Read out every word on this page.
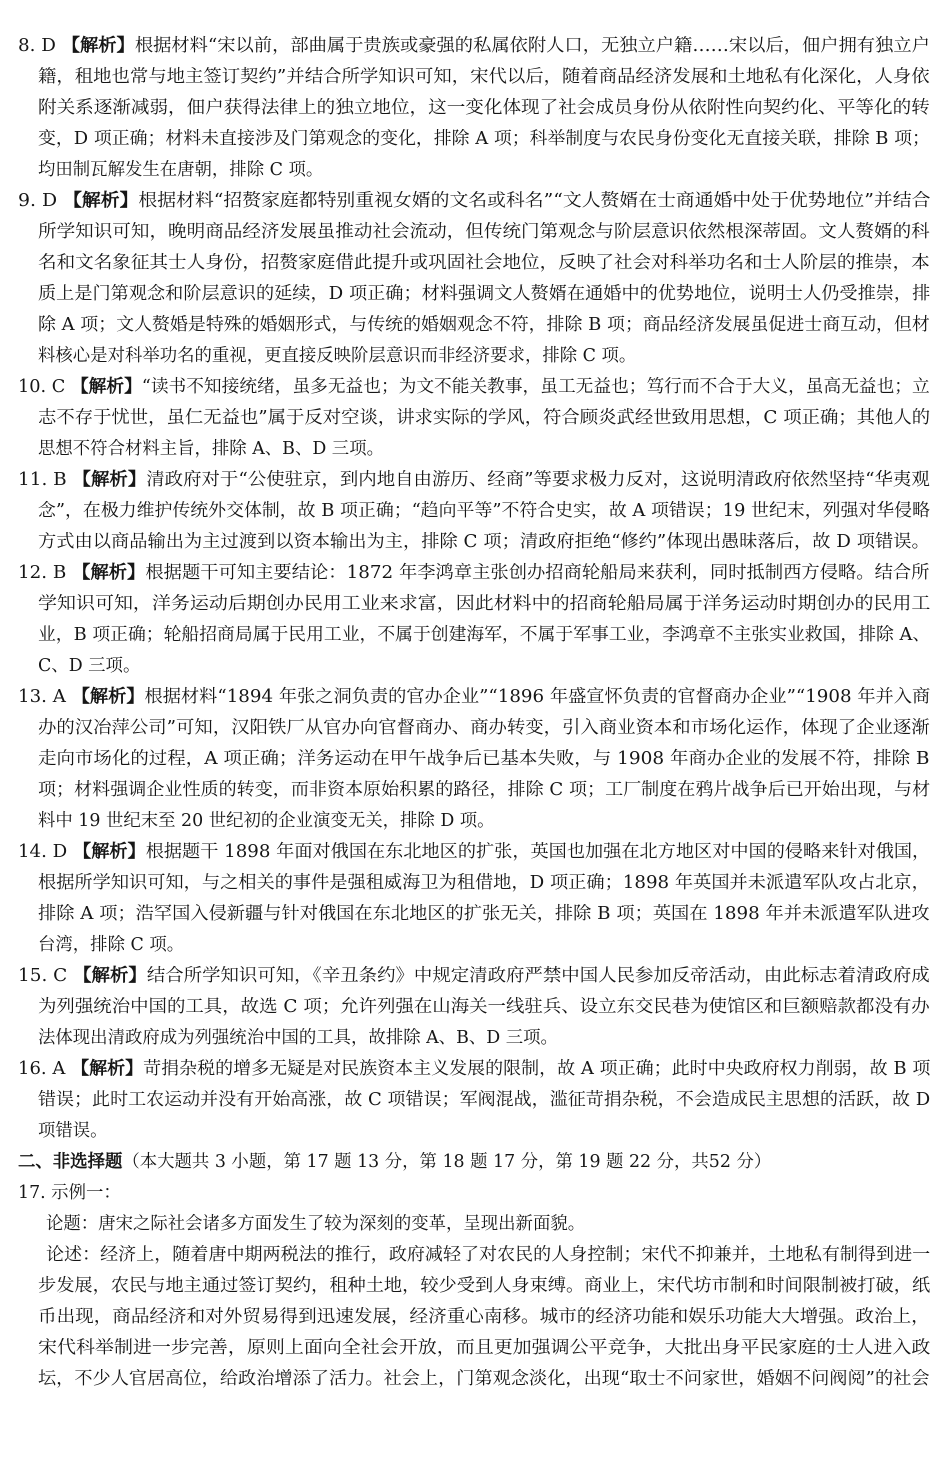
8. D 【解析】根据材料“宋以前，部曲属于贵族或豪强的私属依附人口，无独立户籍……宋以后，佃户拥有独立户
籍，租地也常与地主签订契约”并结合所学知识可知，宋代以后，随着商品经济发展和土地私有化深化，人身依
附关系逐渐减弱，佃户获得法律上的独立地位，这一变化体现了社会成员身份从依附性向契约化、平等化的转
变，D 项正确；材料未直接涉及门第观念的变化，排除 A 项；科举制度与农民身份变化无直接关联，排除 B 项；
均田制瓦解发生在唐朝，排除 C 项。
9. D 【解析】根据材料“招赘家庭都特别重视女婿的文名或科名”“文人赘婿在士商通婚中处于优势地位”并结合
所学知识可知，晚明商品经济发展虽推动社会流动，但传统门第观念与阶层意识依然根深蒂固。文人赘婿的科
名和文名象征其士人身份，招赘家庭借此提升或巩固社会地位，反映了社会对科举功名和士人阶层的推崇，本
质上是门第观念和阶层意识的延续，D 项正确；材料强调文人赘婿在通婚中的优势地位，说明士人仍受推崇，排
除 A 项；文人赘婚是特殊的婚姻形式，与传统的婚姻观念不符，排除 B 项；商品经济发展虽促进士商互动，但材
料核心是对科举功名的重视，更直接反映阶层意识而非经济要求，排除 C 项。
10. C 【解析】“读书不知接统绪，虽多无益也；为文不能关教事，虽工无益也；笃行而不合于大义，虽高无益也；立
志不存于忧世，虽仁无益也”属于反对空谈，讲求实际的学风，符合顾炎武经世致用思想，C 项正确；其他人的
思想不符合材料主旨，排除 A、B、D 三项。
11. B 【解析】清政府对于“公使驻京，到内地自由游历、经商”等要求极力反对，这说明清政府依然坚持“华夷观
念”，在极力维护传统外交体制，故 B 项正确；“趋向平等”不符合史实，故 A 项错误；19 世纪末，列强对华侵略
方式由以商品输出为主过渡到以资本输出为主，排除 C 项；清政府拒绝“修约”体现出愚昧落后，故 D 项错误。
12. B 【解析】根据题干可知主要结论：1872 年李鸿章主张创办招商轮船局来获利，同时抵制西方侵略。结合所
学知识可知，洋务运动后期创办民用工业来求富，因此材料中的招商轮船局属于洋务运动时期创办的民用工
业，B 项正确；轮船招商局属于民用工业，不属于创建海军，不属于军事工业，李鸿章不主张实业救国，排除 A、
C、D 三项。
13. A 【解析】根据材料“1894 年张之洞负责的官办企业”“1896 年盛宣怀负责的官督商办企业”“1908 年并入商
办的汉冶萍公司”可知，汉阳铁厂从官办向官督商办、商办转变，引入商业资本和市场化运作，体现了企业逐渐
走向市场化的过程，A 项正确；洋务运动在甲午战争后已基本失败，与 1908 年商办企业的发展不符，排除 B
项；材料强调企业性质的转变，而非资本原始积累的路径，排除 C 项；工厂制度在鸦片战争后已开始出现，与材
料中 19 世纪末至 20 世纪初的企业演变无关，排除 D 项。
14. D 【解析】根据题干 1898 年面对俄国在东北地区的扩张，英国也加强在北方地区对中国的侵略来针对俄国，
根据所学知识可知，与之相关的事件是强租威海卫为租借地，D 项正确；1898 年英国并未派遣军队攻占北京，
排除 A 项；浩罕国入侵新疆与针对俄国在东北地区的扩张无关，排除 B 项；英国在 1898 年并未派遣军队进攻
台湾，排除 C 项。
15. C 【解析】结合所学知识可知，《辛丑条约》中规定清政府严禁中国人民参加反帝活动，由此标志着清政府成
为列强统治中国的工具，故选 C 项；允许列强在山海关一线驻兵、设立东交民巷为使馆区和巨额赔款都没有办
法体现出清政府成为列强统治中国的工具，故排除 A、B、D 三项。
16. A 【解析】苛捐杂税的增多无疑是对民族资本主义发展的限制，故 A 项正确；此时中央政府权力削弱，故 B 项
错误；此时工农运动并没有开始高涨，故 C 项错误；军阀混战，滥征苛捐杂税，不会造成民主思想的活跃，故 D
项错误。
二、非选择题（本大题共 3 小题，第 17 题 13 分，第 18 题 17 分，第 19 题 22 分，共52 分）
17. 示例一：
论题：唐宋之际社会诸多方面发生了较为深刻的变革，呈现出新面貌。
论述：经济上，随着唐中期两税法的推行，政府减轻了对农民的人身控制；宋代不抑兼并，土地私有制得到进一
步发展，农民与地主通过签订契约，租种土地，较少受到人身束缚。商业上，宋代坊市制和时间限制被打破，纸
币出现，商品经济和对外贸易得到迅速发展，经济重心南移。城市的经济功能和娱乐功能大大增强。政治上，
宋代科举制进一步完善，原则上面向全社会开放，而且更加强调公平竞争，大批出身平民家庭的士人进入政
坛，不少人官居高位，给政治增添了活力。社会上，门第观念淡化，出现“取士不问家世，婚姻不问阀阅”的社会
